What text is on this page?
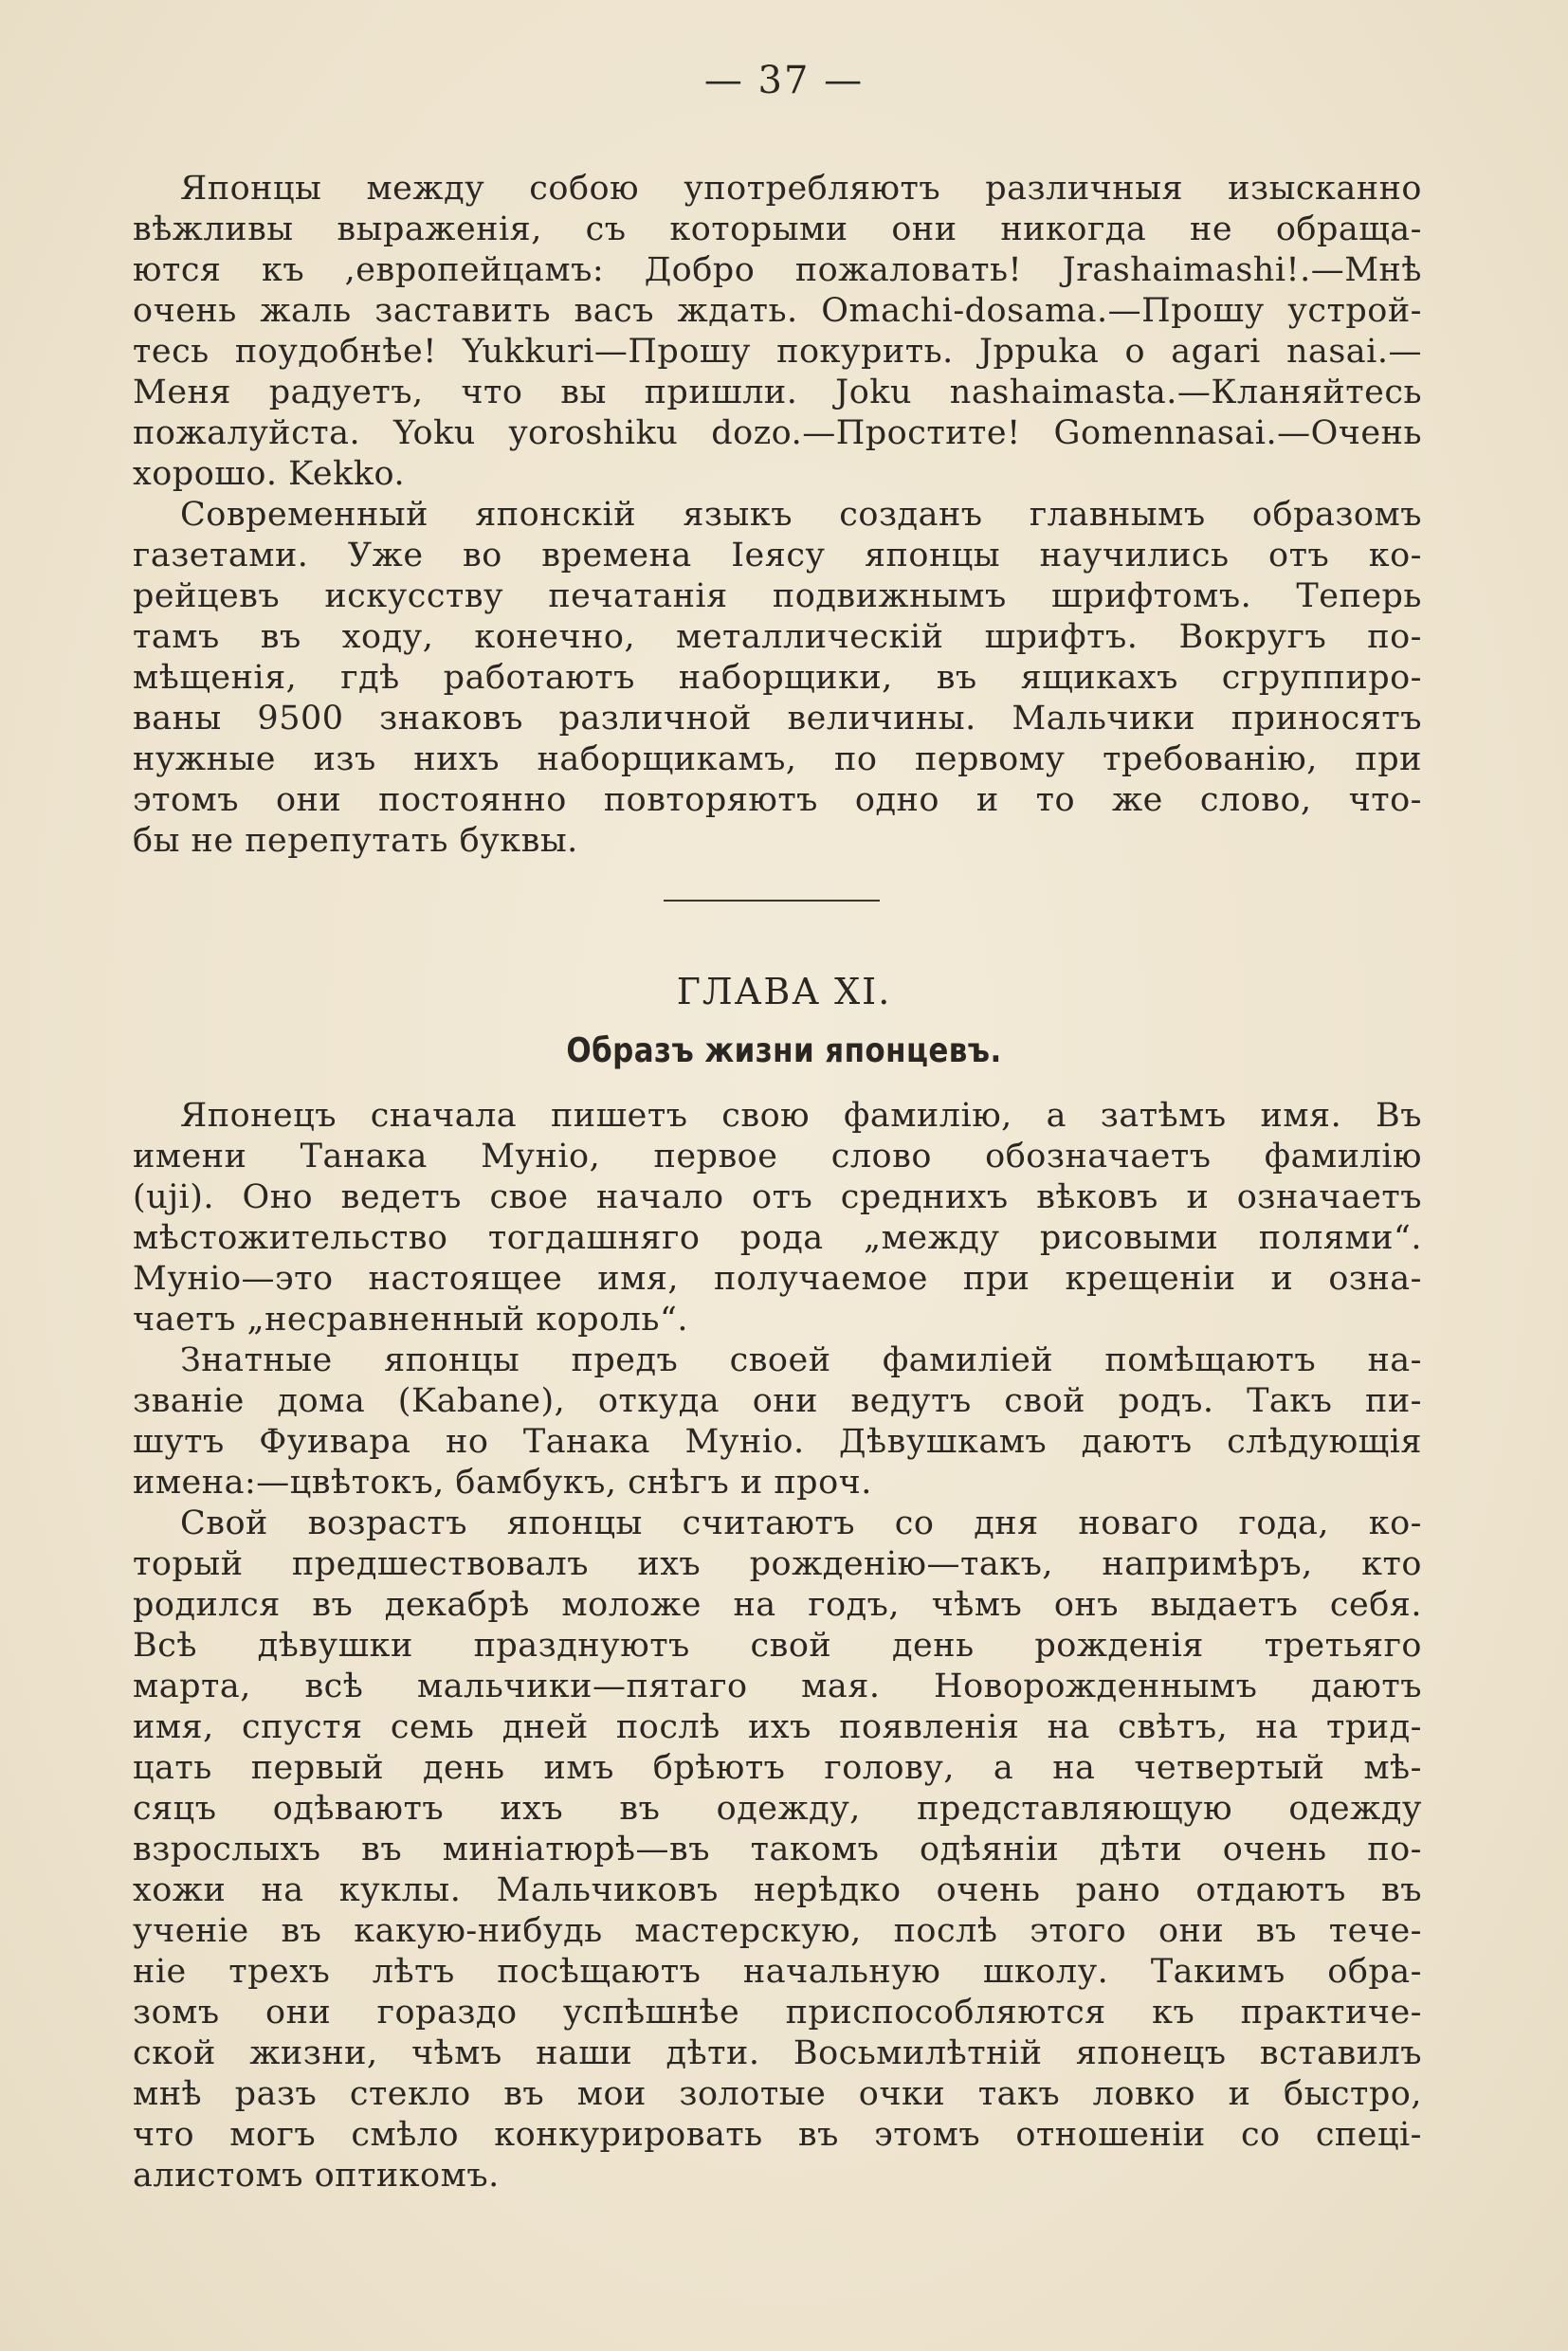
— 37 —
Японцы между собою употребляютъ различныя изысканно
вѣжливы выраженія, съ которыми они никогда не обраща-
ются къ ,европейцамъ: Добро пожаловать! Jrashaimashi!.—Мнѣ
очень жаль заставить васъ ждать. Omachi-dosama.—Прошу устрой-
тесь поудобнѣе! Yukkuri—Прошу покурить. Jppuka o agari nasai.—
Меня радуетъ, что вы пришли. Joku nashaimasta.—Кланяйтесь
пожалуйста. Yoku yoroshiku dozo.—Простите! Gomennasai.—Очень
хорошо. Kekko.
Современный японскій языкъ созданъ главнымъ образомъ
газетами. Уже во времена Іеясу японцы научились отъ ко-
рейцевъ искусству печатанія подвижнымъ шрифтомъ. Теперь
тамъ въ ходу, конечно, металлическій шрифтъ. Вокругъ по-
мѣщенія, гдѣ работаютъ наборщики, въ ящикахъ сгруппиро-
ваны 9500 знаковъ различной величины. Мальчики приносятъ
нужные изъ нихъ наборщикамъ, по первому требованію, при
этомъ они постоянно повторяютъ одно и то же слово, что-
бы не перепутать буквы.
ГЛАВА XI.
Образъ жизни японцевъ.
Японецъ сначала пишетъ свою фамилію, а затѣмъ имя. Въ
имени Танака Муніо, первое слово обозначаетъ фамилію
(uji). Оно ведетъ свое начало отъ среднихъ вѣковъ и означаетъ
мѣстожительство тогдашняго рода „между рисовыми полями“.
Муніо—это настоящее имя, получаемое при крещеніи и озна-
чаетъ „несравненный король“.
Знатные японцы предъ своей фамиліей помѣщаютъ на-
званіе дома (Kabane), откуда они ведутъ свой родъ. Такъ пи-
шутъ Фуивара но Танака Муніо. Дѣвушкамъ даютъ слѣдующія
имена:—цвѣтокъ, бамбукъ, снѣгъ и проч.
Свой возрастъ японцы считаютъ со дня новаго года, ко-
торый предшествовалъ ихъ рожденію—такъ, напримѣръ, кто
родился въ декабрѣ моложе на годъ, чѣмъ онъ выдаетъ себя.
Всѣ дѣвушки празднуютъ свой день рожденія третьяго
марта, всѣ мальчики—пятаго мая. Новорожденнымъ даютъ
имя, спустя семь дней послѣ ихъ появленія на свѣтъ, на трид-
цать первый день имъ брѣютъ голову, а на четвертый мѣ-
сяцъ одѣваютъ ихъ въ одежду, представляющую одежду
взрослыхъ въ миніатюрѣ—въ такомъ одѣяніи дѣти очень по-
хожи на куклы. Мальчиковъ нерѣдко очень рано отдаютъ въ
ученіе въ какую-нибудь мастерскую, послѣ этого они въ тече-
ніе трехъ лѣтъ посѣщаютъ начальную школу. Такимъ обра-
зомъ они гораздо успѣшнѣе приспособляются къ практиче-
ской жизни, чѣмъ наши дѣти. Восьмилѣтній японецъ вставилъ
мнѣ разъ стекло въ мои золотые очки такъ ловко и быстро,
что могъ смѣло конкурировать въ этомъ отношеніи со спеці-
алистомъ оптикомъ.
